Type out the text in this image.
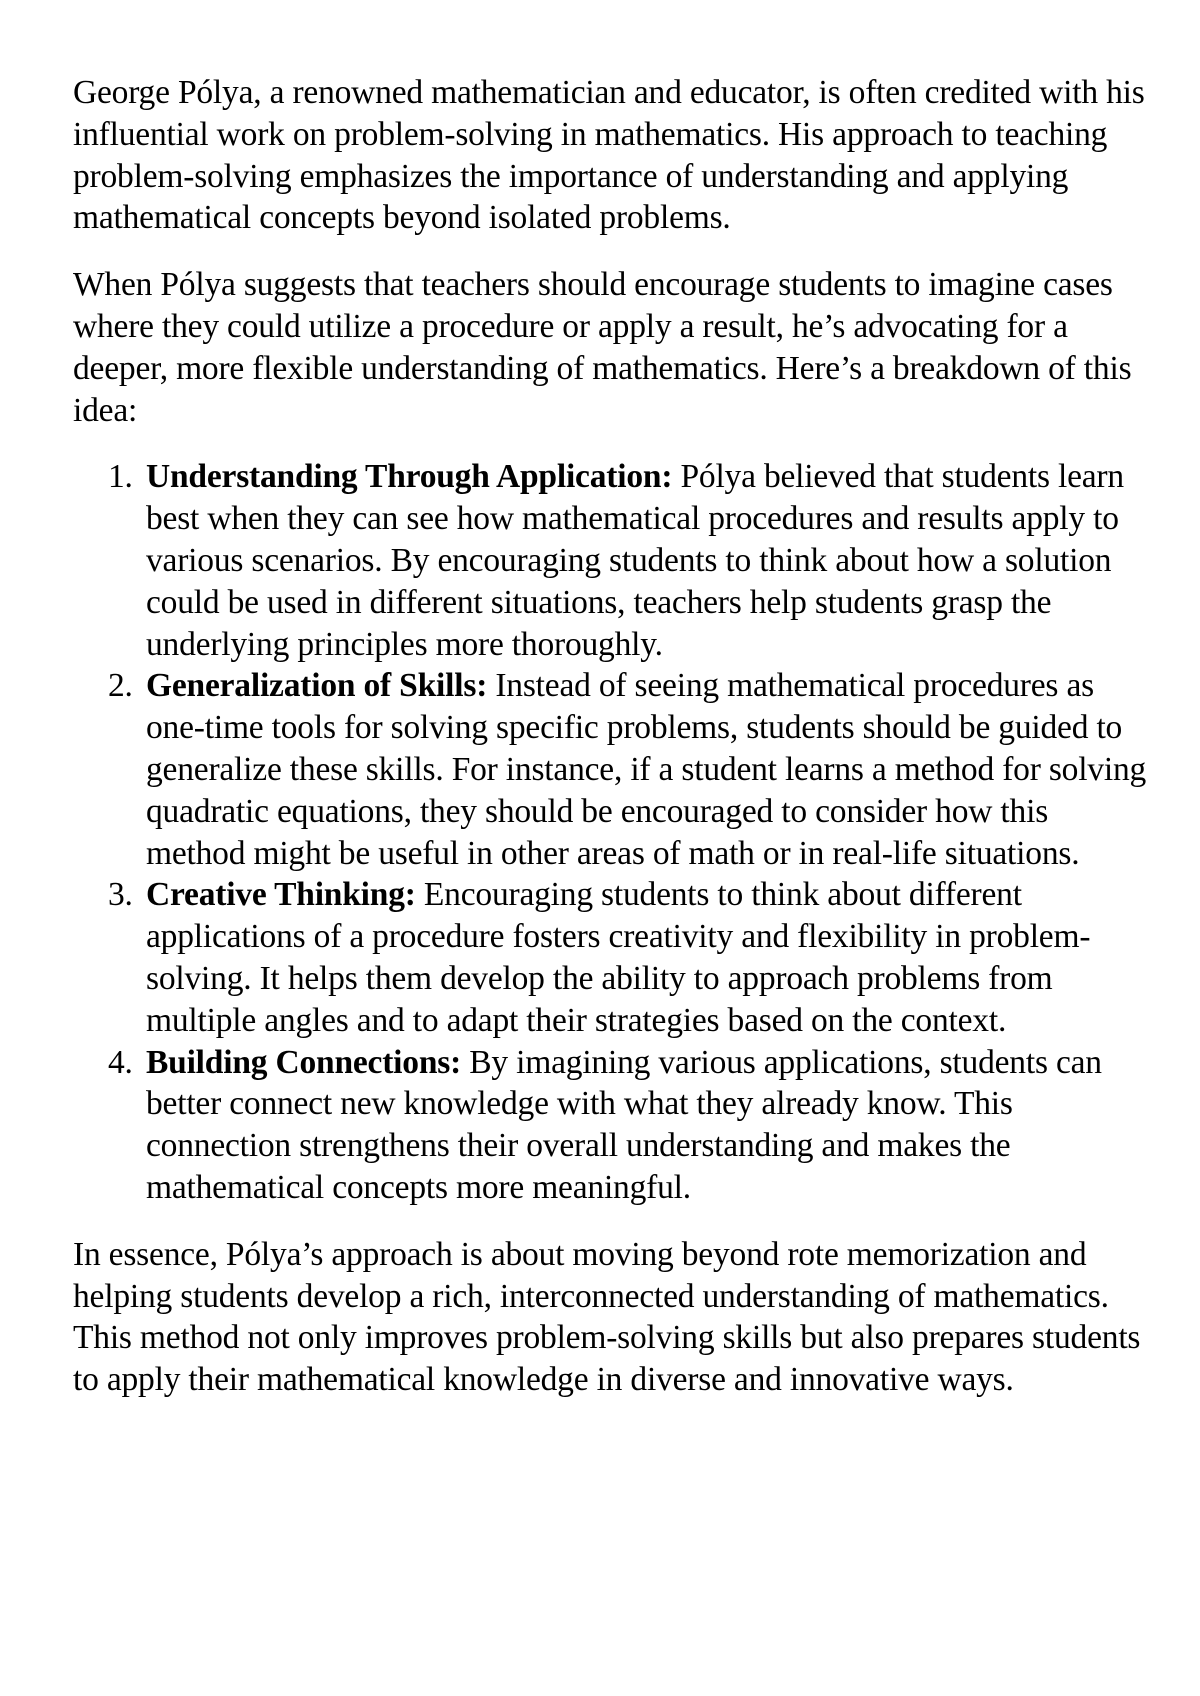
George Pólya, a renowned mathematician and educator, is often credited with his influential work on problem-solving in mathematics. His approach to teaching problem-solving emphasizes the importance of understanding and applying mathematical concepts beyond isolated problems.

When Pólya suggests that teachers should encourage students to imagine cases where they could utilize a procedure or apply a result, he’s advocating for a deeper, more flexible understanding of mathematics. Here’s a breakdown of this idea:

1. Understanding Through Application: Pólya believed that students learn best when they can see how mathematical procedures and results apply to various scenarios. By encouraging students to think about how a solution could be used in different situations, teachers help students grasp the underlying principles more thoroughly.
2. Generalization of Skills: Instead of seeing mathematical procedures as one-time tools for solving specific problems, students should be guided to generalize these skills. For instance, if a student learns a method for solving quadratic equations, they should be encouraged to consider how this method might be useful in other areas of math or in real-life situations.
3. Creative Thinking: Encouraging students to think about different applications of a procedure fosters creativity and flexibility in problem-solving. It helps them develop the ability to approach problems from multiple angles and to adapt their strategies based on the context.
4. Building Connections: By imagining various applications, students can better connect new knowledge with what they already know. This connection strengthens their overall understanding and makes the mathematical concepts more meaningful.

In essence, Pólya’s approach is about moving beyond rote memorization and helping students develop a rich, interconnected understanding of mathematics. This method not only improves problem-solving skills but also prepares students to apply their mathematical knowledge in diverse and innovative ways.
